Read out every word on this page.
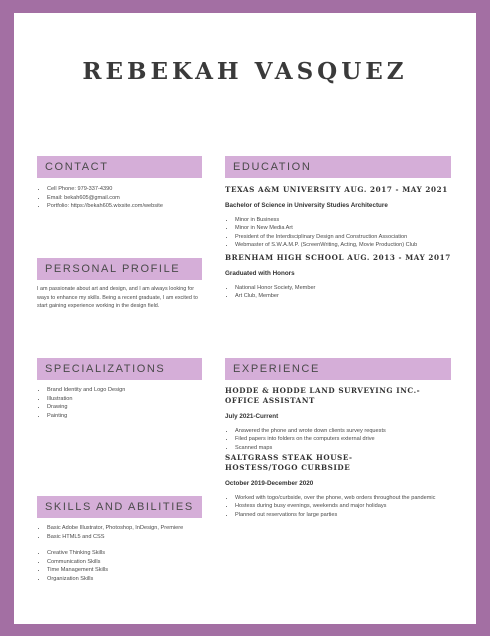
REBEKAH VASQUEZ
CONTACT
• Cell Phone: 979-337-4390
• Email: bekah605@gmail.com
• Portfolio: https://bekah605.wixsite.com/website
PERSONAL PROFILE
I am passionate about art and design, and I am always looking for ways to enhance my skills. Being a recent graduate, I am excited to start gaining experience working in the design field.
SPECIALIZATIONS
• Brand Identity and Logo Design
• Illustration
• Drawing
• Painting
SKILLS AND ABILITIES
• Basic Adobe Illustrator, Photoshop, InDesign, Premiere
• Basic HTML5 and CSS
• Creative Thinking Skills
• Communication Skills
• Time Management Skills
• Organization Skills
EDUCATION
TEXAS A&M UNIVERSITY AUG. 2017 - MAY 2021
Bachelor of Science in University Studies Architecture
• Minor in Business
• Minor in New Media Art
• President of the Interdisciplinary Design and Construction Association
• Webmaster of S.W.A.M.P. (ScreenWriting, Acting, Movie Production) Club
BRENHAM HIGH SCHOOL AUG. 2013 - MAY 2017
Graduated with Honors
• National Honor Society, Member
• Art Club, Member
EXPERIENCE
HODDE & HODDE LAND SURVEYING INC.-
OFFICE ASSISTANT
July 2021-Current
• Answered the phone and wrote down clients survey requests
• Filed papers into folders on the computers external drive
• Scanned maps
SALTGRASS STEAK HOUSE-
HOSTESS/TOGO CURBSIDE
October 2019-December 2020
• Worked with togo/curbside, over the phone, web orders throughout the pandemic
• Hostess during busy evenings, weekends and major holidays
• Planned out reservations for large parties
